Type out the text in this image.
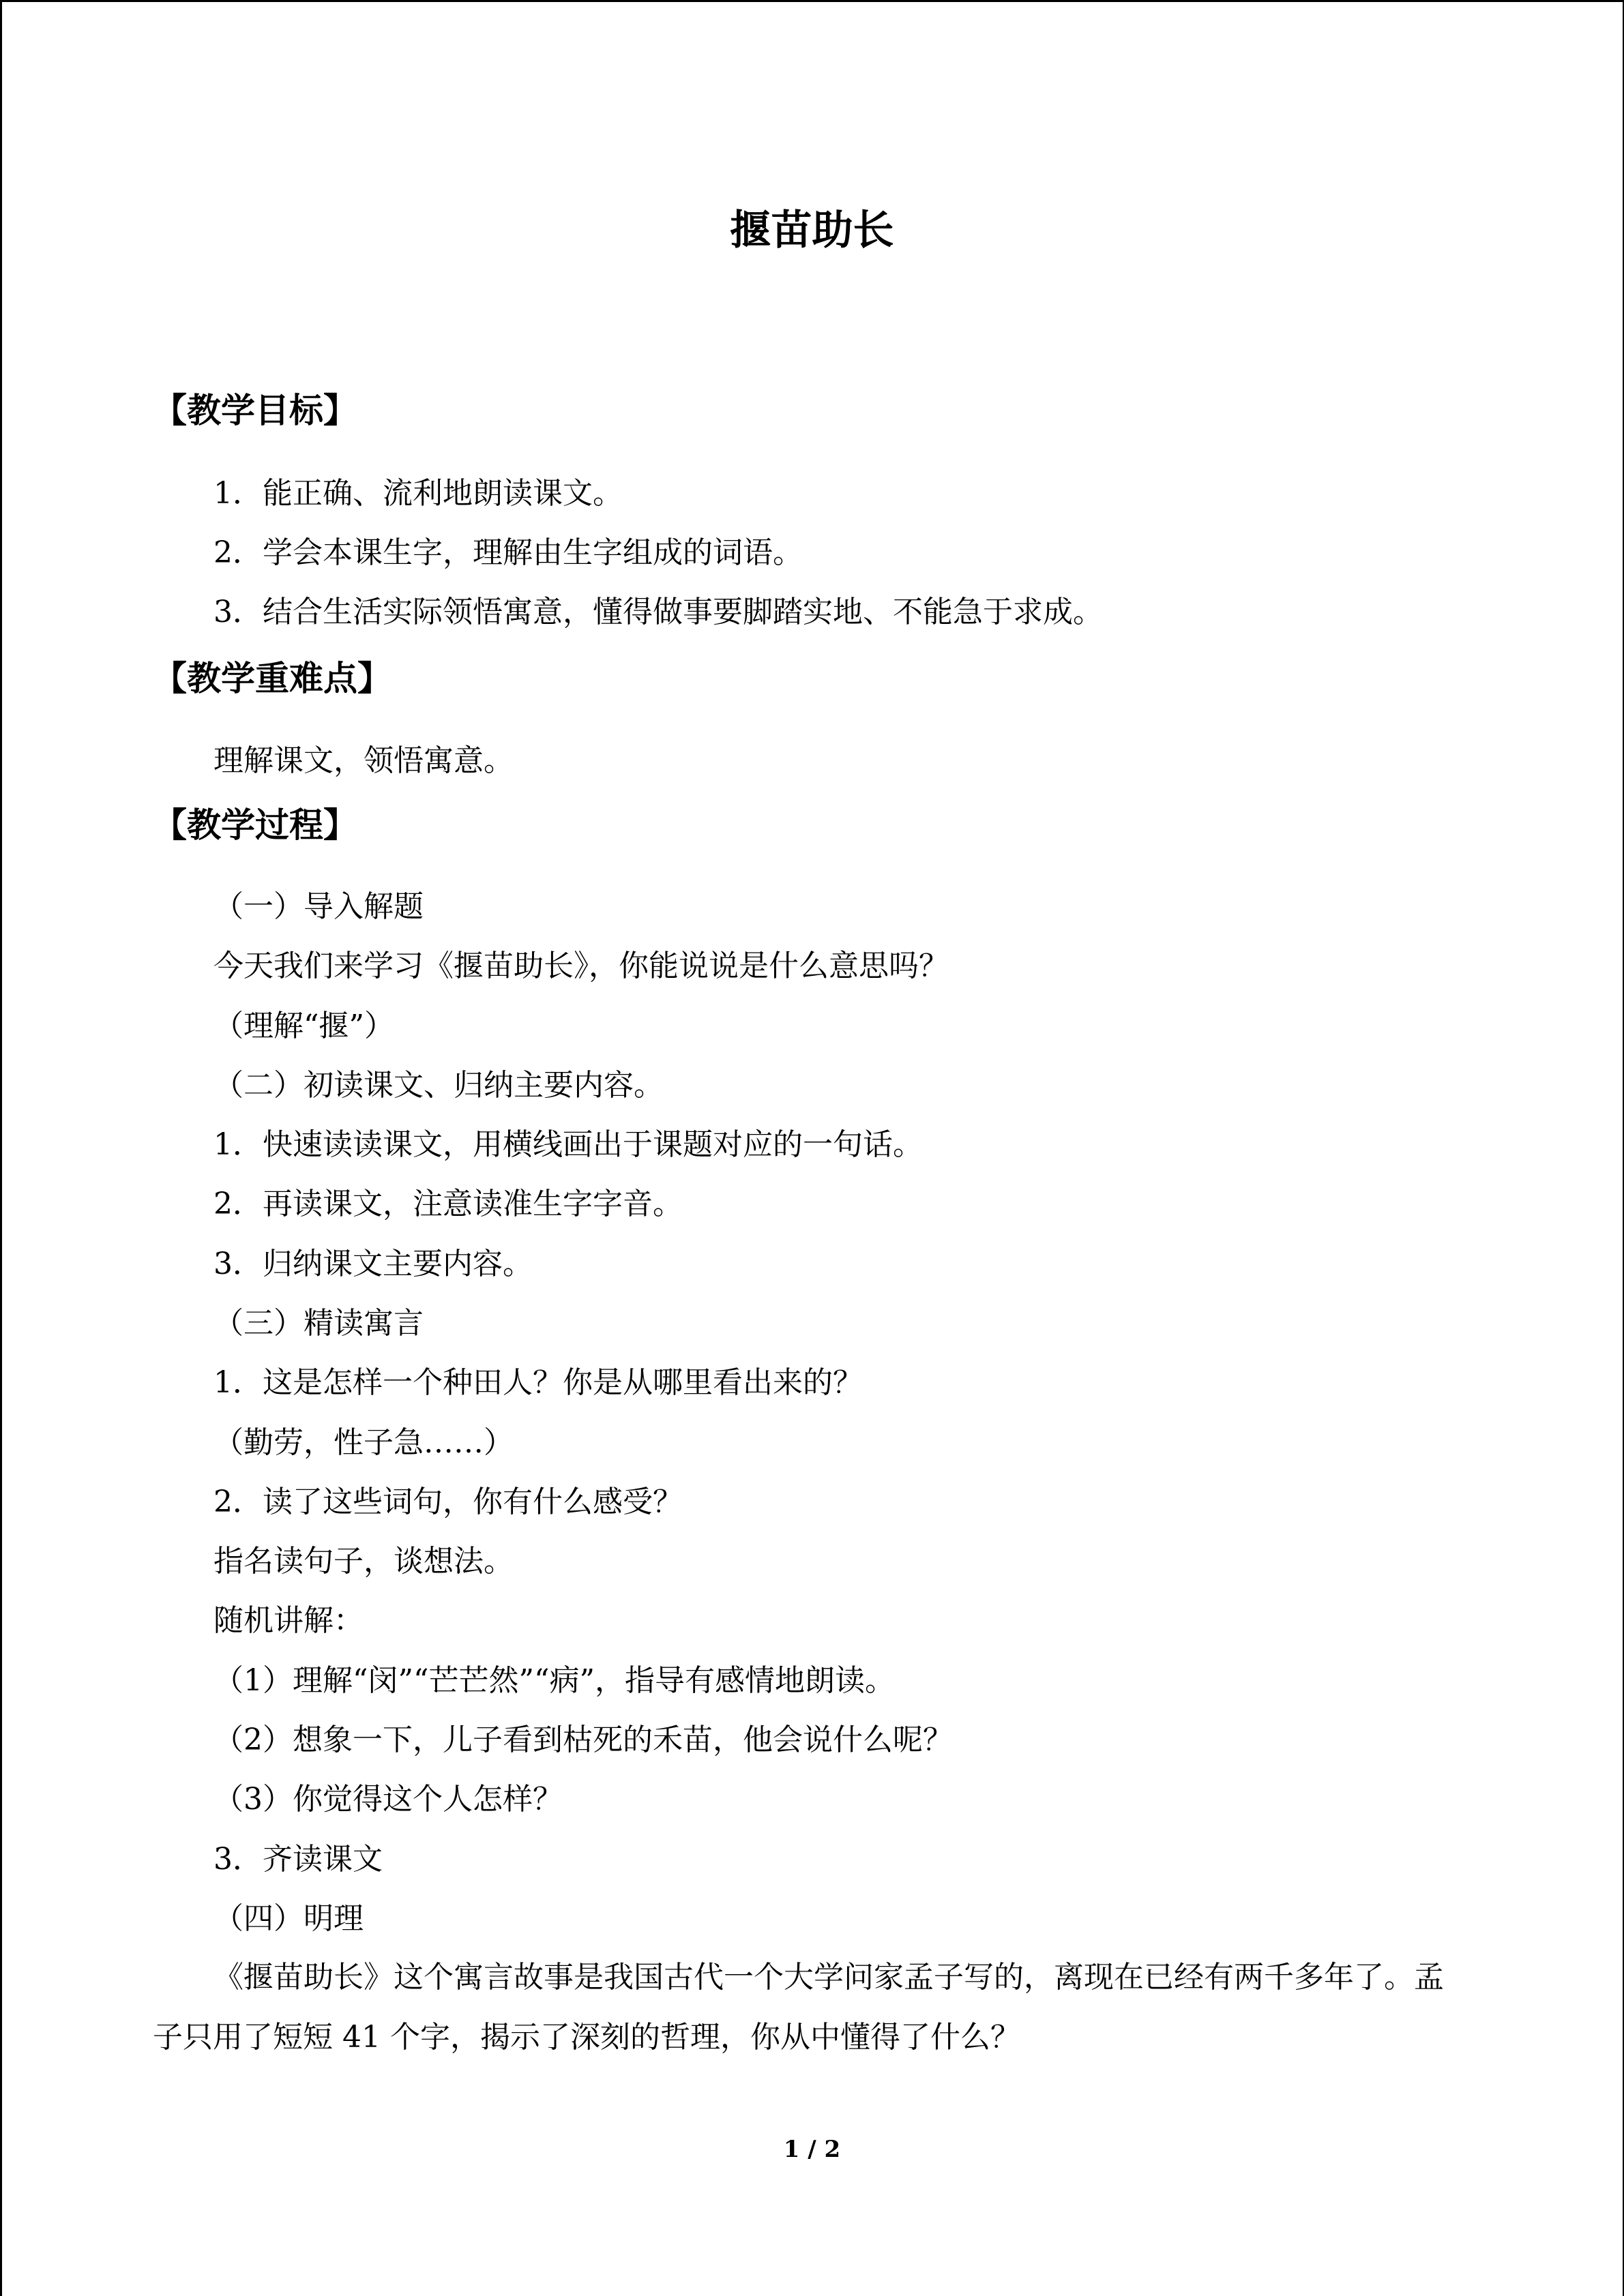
揠苗助长
【教学目标】
1．能正确、流利地朗读课文。
2．学会本课生字，理解由生字组成的词语。
3．结合生活实际领悟寓意，懂得做事要脚踏实地、不能急于求成。
【教学重难点】
理解课文，领悟寓意。
【教学过程】
（一）导入解题
今天我们来学习《揠苗助长》，你能说说是什么意思吗？
（理解“揠”）
（二）初读课文、归纳主要内容。
1．快速读读课文，用横线画出于课题对应的一句话。
2．再读课文，注意读准生字字音。
3．归纳课文主要内容。
（三）精读寓言
1．这是怎样一个种田人？你是从哪里看出来的？
（勤劳，性子急……）
2．读了这些词句，你有什么感受？
指名读句子，谈想法。
随机讲解：
（1）理解“闵”“芒芒然”“病”，指导有感情地朗读。
（2）想象一下，儿子看到枯死的禾苗，他会说什么呢？
（3）你觉得这个人怎样？
3．齐读课文
（四）明理
《揠苗助长》这个寓言故事是我国古代一个大学问家孟子写的，离现在已经有两千多年了。孟子只用了短短 41 个字，揭示了深刻的哲理，你从中懂得了什么？
1 / 2
